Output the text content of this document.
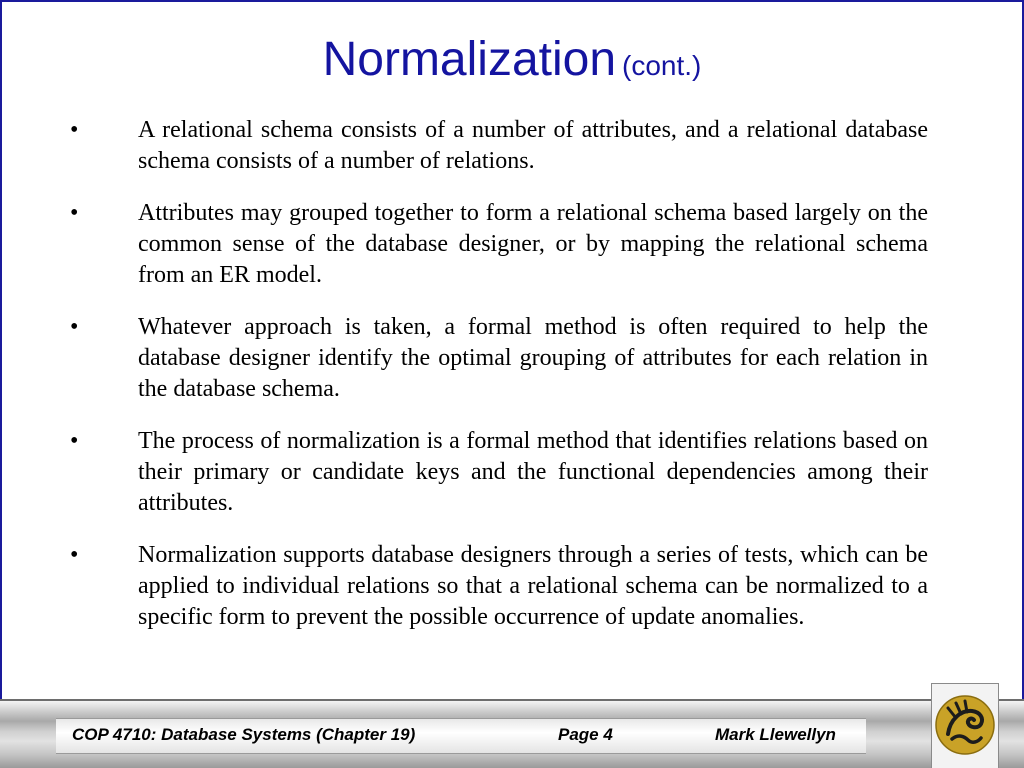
Normalization (cont.)
• A relational schema consists of a number of attributes, and a relational database schema consists of a number of relations.
• Attributes may grouped together to form a relational schema based largely on the common sense of the database designer, or by mapping the relational schema from an ER model.
• Whatever approach is taken, a formal method is often required to help the database designer identify the optimal grouping of attributes for each relation in the database schema.
• The process of normalization is a formal method that identifies relations based on their primary or candidate keys and the functional dependencies among their attributes.
• Normalization supports database designers through a series of tests, which can be applied to individual relations so that a relational schema can be normalized to a specific form to prevent the possible occurrence of update anomalies.
COP 4710: Database Systems (Chapter 19)	Page 4	Mark Llewellyn
